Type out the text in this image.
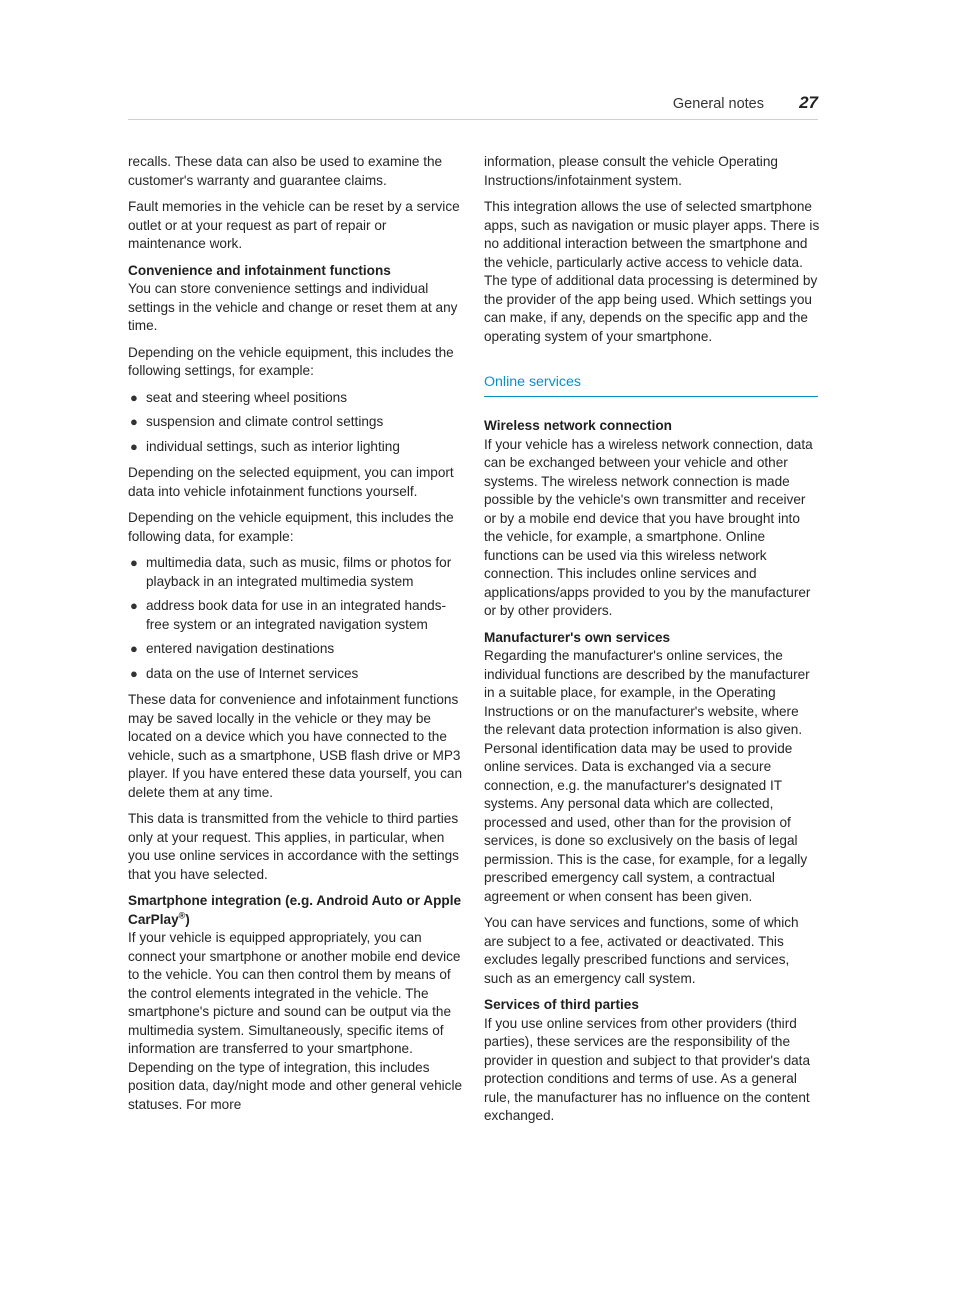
General notes 27

recalls. These data can also be used to examine the customer's warranty and guarantee claims.

Fault memories in the vehicle can be reset by a service outlet or at your request as part of repair or maintenance work.

Convenience and infotainment functions

You can store convenience settings and individual settings in the vehicle and change or reset them at any time.

Depending on the vehicle equipment, this includes the following settings, for example:

● seat and steering wheel positions
● suspension and climate control settings
● individual settings, such as interior lighting

Depending on the selected equipment, you can import data into vehicle infotainment functions yourself.

Depending on the vehicle equipment, this includes the following data, for example:

● multimedia data, such as music, films or photos for playback in an integrated multimedia system
● address book data for use in an integrated hands-free system or an integrated navigation system
● entered navigation destinations
● data on the use of Internet services

These data for convenience and infotainment functions may be saved locally in the vehicle or they may be located on a device which you have connected to the vehicle, such as a smartphone, USB flash drive or MP3 player. If you have entered these data yourself, you can delete them at any time.

This data is transmitted from the vehicle to third parties only at your request. This applies, in particular, when you use online services in accordance with the settings that you have selected.

Smartphone integration (e.g. Android Auto or Apple CarPlay®)

If your vehicle is equipped appropriately, you can connect your smartphone or another mobile end device to the vehicle. You can then control them by means of the control elements integrated in the vehicle. The smartphone's picture and sound can be output via the multimedia system. Simultaneously, specific items of information are transferred to your smartphone. Depending on the type of integration, this includes position data, day/night mode and other general vehicle statuses. For more

information, please consult the vehicle Operating Instructions/infotainment system.

This integration allows the use of selected smartphone apps, such as navigation or music player apps. There is no additional interaction between the smartphone and the vehicle, particularly active access to vehicle data. The type of additional data processing is determined by the provider of the app being used. Which settings you can make, if any, depends on the specific app and the operating system of your smartphone.

Online services
Wireless network connection

If your vehicle has a wireless network connection, data can be exchanged between your vehicle and other systems. The wireless network connection is made possible by the vehicle's own transmitter and receiver or by a mobile end device that you have brought into the vehicle, for example, a smartphone. Online functions can be used via this wireless network connection. This includes online services and applications/apps provided to you by the manufacturer or by other providers.

Manufacturer's own services

Regarding the manufacturer's online services, the individual functions are described by the manufacturer in a suitable place, for example, in the Operating Instructions or on the manufacturer's website, where the relevant data protection information is also given. Personal identification data may be used to provide online services. Data is exchanged via a secure connection, e.g. the manufacturer's designated IT systems. Any personal data which are collected, processed and used, other than for the provision of services, is done so exclusively on the basis of legal permission. This is the case, for example, for a legally prescribed emergency call system, a contractual agreement or when consent has been given.

You can have services and functions, some of which are subject to a fee, activated or deactivated. This excludes legally prescribed functions and services, such as an emergency call system.

Services of third parties

If you use online services from other providers (third parties), these services are the responsibility of the provider in question and subject to that provider's data protection conditions and terms of use. As a general rule, the manufacturer has no influence on the content exchanged.
